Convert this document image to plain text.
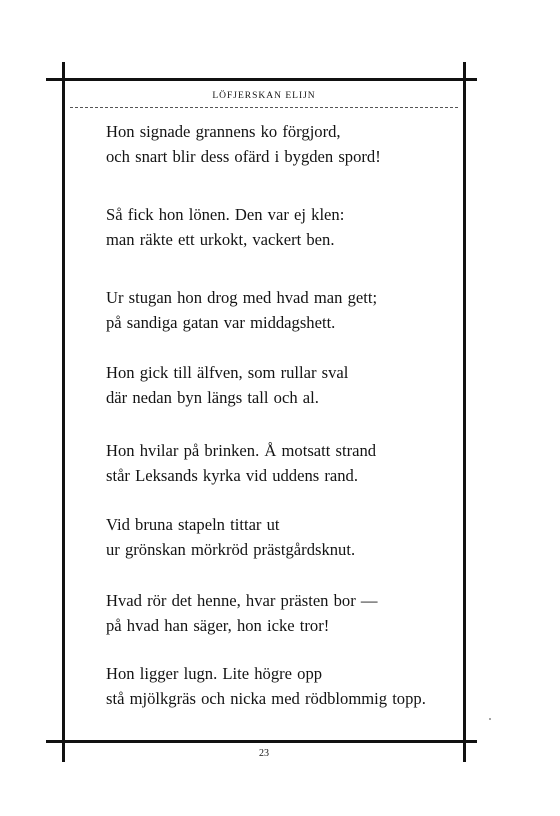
LÖFJERSKAN ELIJN

Hon signade grannens ko förgjord,
och snart blir dess ofärd i bygden spord!

Så fick hon lönen. Den var ej klen:
man räkte ett urkokt, vackert ben.

Ur stugan hon drog med hvad man gett;
på sandiga gatan var middagshett.

Hon gick till älfven, som rullar sval
där nedan byn längs tall och al.

Hon hvilar på brinken. Å motsatt strand
står Leksands kyrka vid uddens rand.

Vid bruna stapeln tittar ut
ur grönskan mörkröd prästgårdsknut.

Hvad rör det henne, hvar prästen bor —
på hvad han säger, hon icke tror!

Hon ligger lugn. Lite högre opp
stå mjölkgräs och nicka med rödblommig topp.

23
